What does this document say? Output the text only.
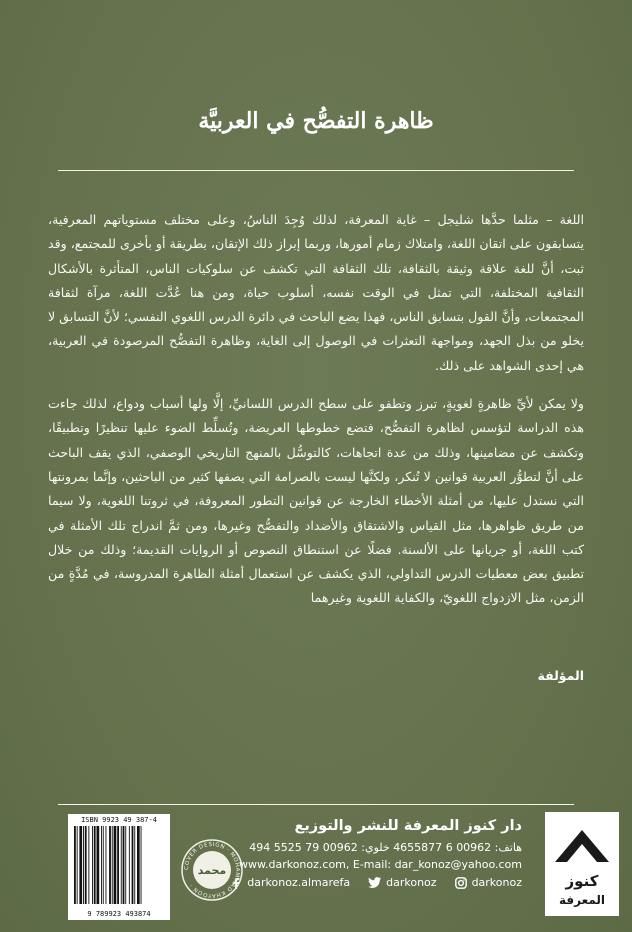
ظاهرة التفصُّح في العربيَّة

اللغة – مثلما حدَّها شليجل – غاية المعرفة، لذلك وُجِدَ الناسُ، وعلى مختلف مستوياتهم المعرفية، يتسابقون على اتقان اللغة، وامتلاك زمام أمورها، وربما إبراز ذلك الإتقان، بطريقة أو بأخرى للمجتمع، وقد ثبت، أنَّ للغة علاقة وثيقة بالثقافة، تلك الثقافة التي تكشف عن سلوكيات الناس، المتأثرة بالأشكال الثقافية المختلفة، التي تمثل في الوقت نفسه، أسلوب حياة، ومن هنا عُدَّت اللغة، مرآة لثقافة المجتمعات، وأنَّ القول بتسابق الناس، فهذا يضع الباحث في دائرة الدرس اللغوي النفسي؛ لأنَّ التسابق لا يخلو من بذل الجهد، ومواجهة التعثرات في الوصول إلى الغاية، وظاهرة التفصُّح المرصودة في العربية، هي إحدى الشواهد على ذلك.

ولا يمكن لأيِّ ظاهرةٍ لغويةٍ، تبرز وتطفو على سطح الدرس اللسانيِّ، إلَّا ولها أسباب ودواع، لذلك جاءت هذه الدراسة لتؤسس لظاهرة التفصُّح، فتضع خطوطها العريضة، وتُسلِّط الضوء عليها تنظيرًا وتطبيقًا، وتكشف عن مضامينها، وذلك من عدة اتجاهات، كالتوسُّل بالمنهج التاريخي الوصفي، الذي يقف الباحث على أنَّ لتطوُّر العربية قوانين لا تُنكر، ولكنَّها ليست بالصرامة التي يصفها كثير من الباحثين، وإنَّما بمرونتها التي نستدل عليها، من أمثلة الأخطاء الخارجة عن قوانين التطور المعروفة، في ثروتنا اللغوية، ولا سيما من طريق ظواهرها، مثل القياس والاشتقاق والأضداد والتفصُّح وغيرها، ومن ثمَّ اندراج تلك الأمثلة في كتب اللغة، أو جريانها على الألسنة. فضلًا عن استنطاق النصوص أو الروايات القديمة؛ وذلك من خلال تطبيق بعض معطيات الدرس التداولي، الذي يكشف عن استعمال أمثلة الظاهرة المدروسة، في مُدَّةٍ من الزمن، مثل الازدواج اللغويّ، والكفاية اللغوية وغيرهما

المؤلفة
كنوز
المعرفة
دار كنوز المعرفة للنشر والتوزيع
هاتف: 00962 6 4655877 خلوي: 00962 79 5525 494
www.darkonoz.com, E-mail: dar_konoz@yahoo.com
darkonoz.almarefa	darkonoz	darkonoz
COVER DESIGN · MOHAMMAD KHAYOON ·
محمد
ISBN 9923 49 387-4
9 789923 493874
